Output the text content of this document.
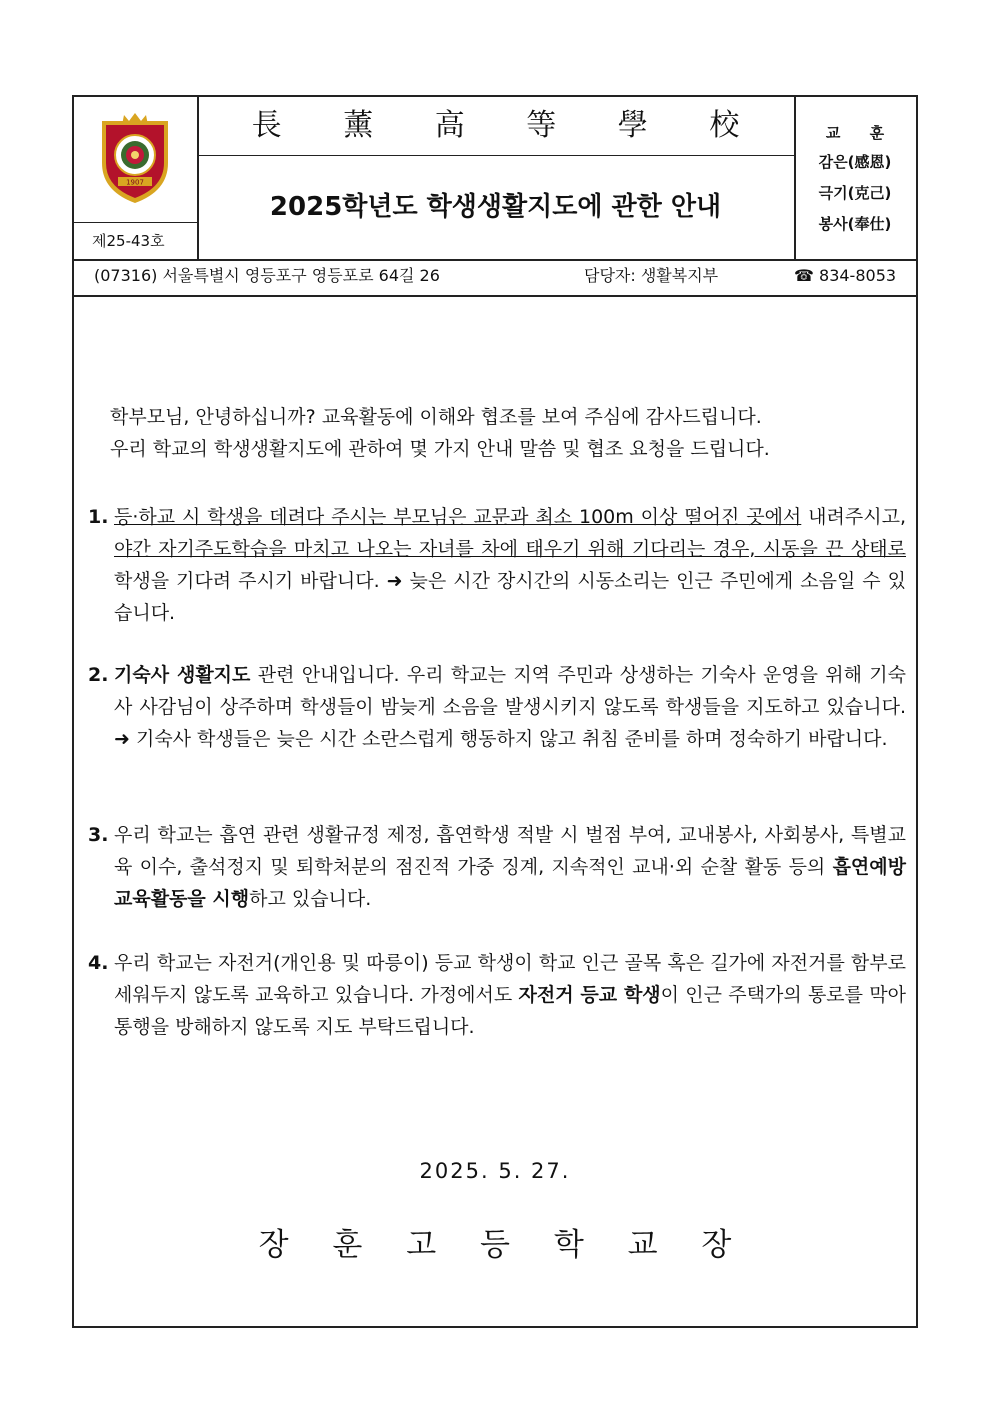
1907
제25-43호
長 薰 高 等 學 校
2025학년도 학생생활지도에 관한 안내
교 훈
감은(感恩)
극기(克己)
봉사(奉仕)
(07316) 서울특별시 영등포구 영등포로 64길 26	담당자: 생활복지부	☎ 834-8053
학부모님, 안녕하십니까? 교육활동에 이해와 협조를 보여 주심에 감사드립니다.
우리 학교의 학생생활지도에 관하여 몇 가지 안내 말씀 및 협조 요청을 드립니다.
1. 등·하교 시 학생을 데려다 주시는 부모님은 교문과 최소 100m 이상 떨어진 곳에서 내려주시고, 야간 자기주도학습을 마치고 나오는 자녀를 차에 태우기 위해 기다리는 경우, 시동을 끈 상태로 학생을 기다려 주시기 바랍니다. ➜ 늦은 시간 장시간의 시동소리는 인근 주민에게 소음일 수 있습니다.
2. 기숙사 생활지도 관련 안내입니다. 우리 학교는 지역 주민과 상생하는 기숙사 운영을 위해 기숙사 사감님이 상주하며 학생들이 밤늦게 소음을 발생시키지 않도록 학생들을 지도하고 있습니다. ➜ 기숙사 학생들은 늦은 시간 소란스럽게 행동하지 않고 취침 준비를 하며 정숙하기 바랍니다.
3. 우리 학교는 흡연 관련 생활규정 제정, 흡연학생 적발 시 벌점 부여, 교내봉사, 사회봉사, 특별교육 이수, 출석정지 및 퇴학처분의 점진적 가중 징계, 지속적인 교내·외 순찰 활동 등의 흡연예방 교육활동을 시행하고 있습니다.
4. 우리 학교는 자전거(개인용 및 따릉이) 등교 학생이 학교 인근 골목 혹은 길가에 자전거를 함부로 세워두지 않도록 교육하고 있습니다. 가정에서도 자전거 등교 학생이 인근 주택가의 통로를 막아 통행을 방해하지 않도록 지도 부탁드립니다.
2025. 5. 27.
장 훈 고 등 학 교 장
